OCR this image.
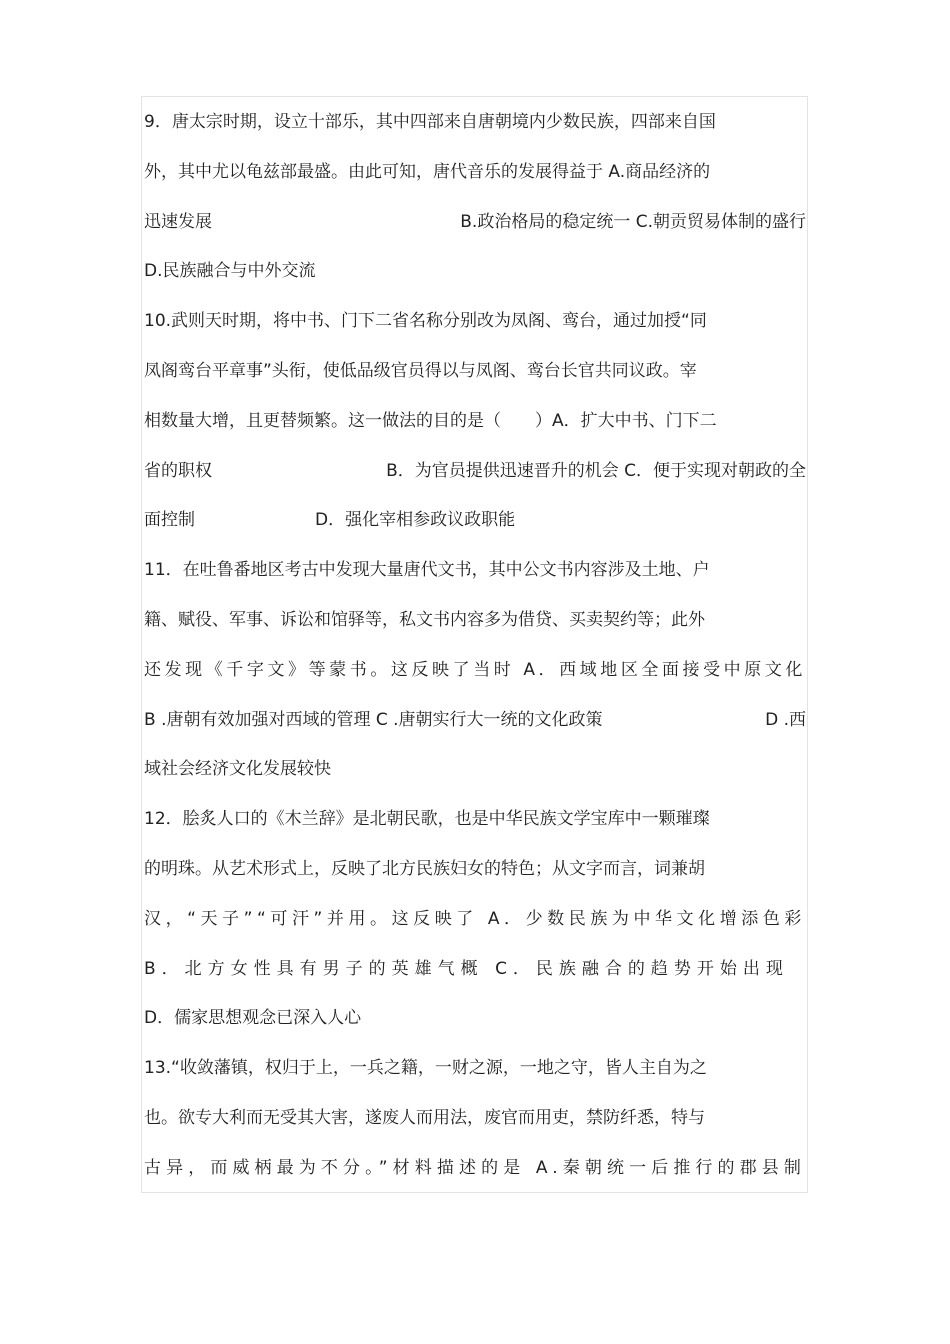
9．唐太宗时期，设立十部乐，其中四部来自唐朝境内少数民族，四部来自国
外，其中尤以龟兹部最盛。由此可知，唐代音乐的发展得益于 A.商品经济的
迅速发展	B.政治格局的稳定统一 C.朝贡贸易体制的盛行
D.民族融合与中外交流
10.武则天时期，将中书、门下二省名称分别改为凤阁、鸾台，通过加授“同
凤阁鸾台平章事”头衔，使低品级官员得以与凤阁、鸾台长官共同议政。宰
相数量大增，且更替频繁。这一做法的目的是（　　）A．扩大中书、门下二
省的职权	B．为官员提供迅速晋升的机会 C．便于实现对朝政的全
面控制	D．强化宰相参政议政职能
11．在吐鲁番地区考古中发现大量唐代文书，其中公文书内容涉及土地、户
籍、赋役、军事、诉讼和馆驿等，私文书内容多为借贷、买卖契约等；此外
还发现《千字文》等蒙书。这反映了当时 A．西域地区全面接受中原文化
B .唐朝有效加强对西域的管理 C .唐朝实行大一统的文化政策	D .西
域社会经济文化发展较快
12．脍炙人口的《木兰辞》是北朝民歌，也是中华民族文学宝库中一颗璀璨
的明珠。从艺术形式上，反映了北方民族妇女的特色；从文字而言，词兼胡
汉，“天子”“可汗”并用。这反映了 A．少数民族为中华文化增添色彩
B．北方女性具有男子的英雄气概 C．民族融合的趋势开始出现
D．儒家思想观念已深入人心
13.“收敛藩镇，权归于上，一兵之籍，一财之源，一地之守，皆人主自为之
也。欲专大利而无受其大害，遂废人而用法，废官而用吏，禁防纤悉，特与
古异，而威柄最为不分。”材料描述的是 A.秦朝统一后推行的郡县制
